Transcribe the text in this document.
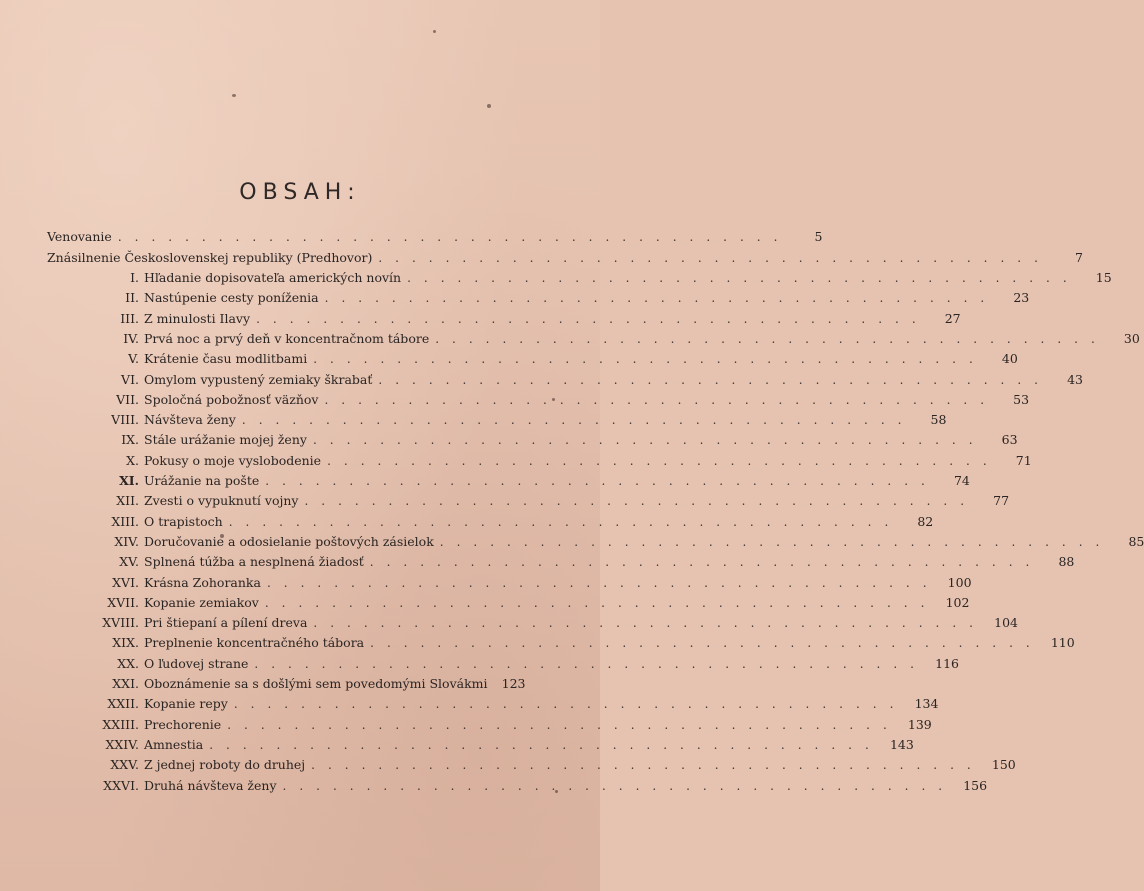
OBSAH:
Venovanie ........................................	5
Znásilnenie Československej republiky (Predhovor) ........................................	7
I. Hľadanie dopisovateľa amerických novín ........................................	15
II. Nastúpenie cesty poníženia ........................................	23
III. Z minulosti Ilavy ........................................	27
IV. Prvá noc a prvý deň v koncentračnom tábore ........................................	30
V. Krátenie času modlitbami ........................................	40
VI. Omylom vypustený zemiaky škrabať ........................................	43
VII. Spoločná pobožnosť väzňov ........................................	53
VIII. Návšteva ženy ........................................	58
IX. Stále urážanie mojej ženy ........................................	63
X. Pokusy o moje vyslobodenie ........................................	71
XI. Urážanie na pošte ........................................	74
XII. Zvesti o vypuknutí vojny ........................................	77
XIII. O trapistoch ........................................	82
XIV. Doručovanie a odosielanie poštových zásielok ........................................	85
XV. Splnená túžba a nesplnená žiadosť ........................................	88
XVI. Krásna Zohoranka ........................................ 100
XVII. Kopanie zemiakov ........................................ 102
XVIII. Pri štiepaní a pílení dreva ........................................ 104
XIX. Preplnenie koncentračného tábora ........................................ 110
XX. O ľudovej strane ........................................ 116
XXI. Oboznámenie sa s došlými sem povedomými Slovákmi 123
XXII. Kopanie repy ........................................ 134
XXIII. Prechorenie ........................................ 139
XXIV. Amnestia ........................................ 143
XXV. Z jednej roboty do druhej ........................................ 150
XXVI. Druhá návšteva ženy ........................................ 156
